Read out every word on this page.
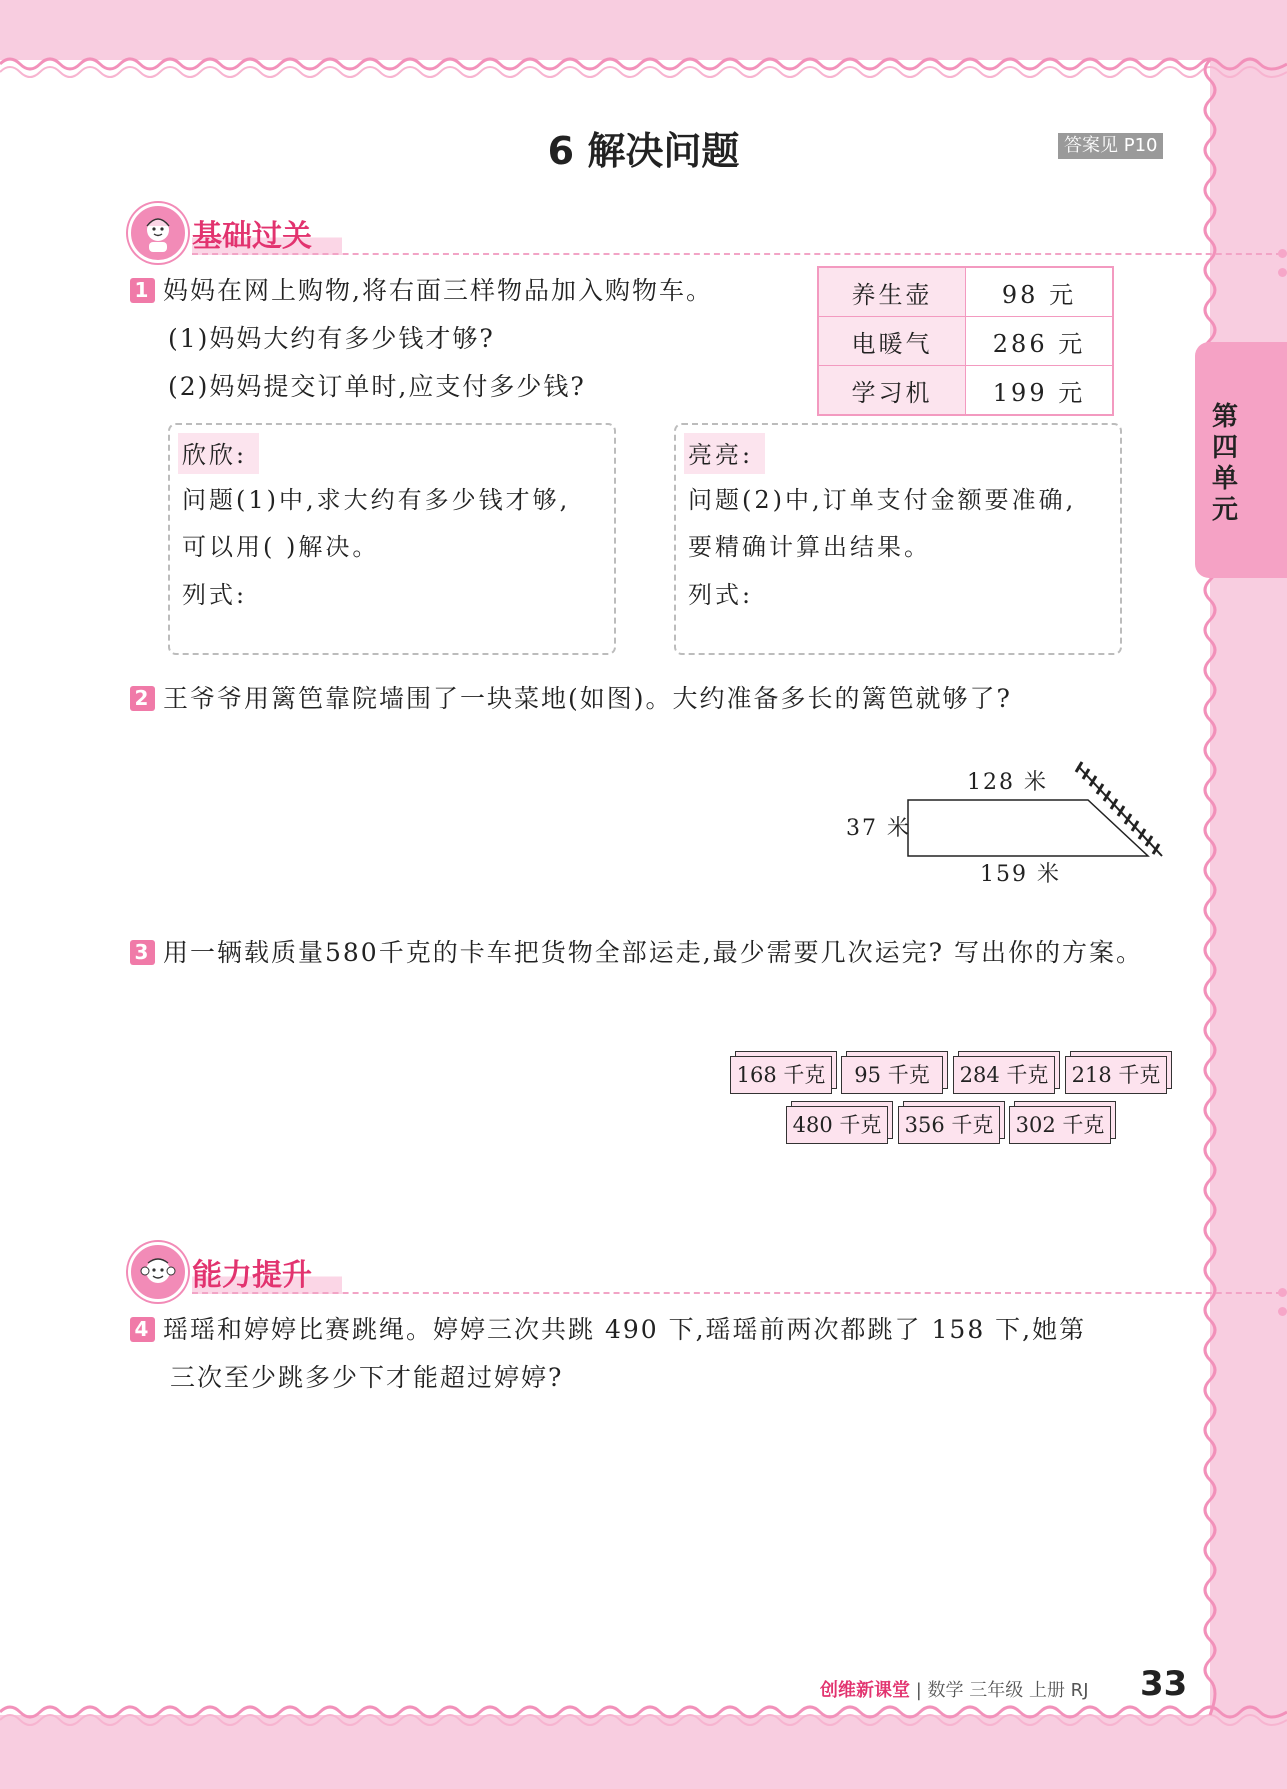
6 解决问题	答案见 P10
第四单元
基础过关
1 妈妈在网上购物,将右面三样物品加入购物车。
(1)妈妈大约有多少钱才够?
(2)妈妈提交订单时,应支付多少钱?
养生壶	98 元
电暖气	286 元
学习机	199 元
欣欣:
问题(1)中,求大约有多少钱才够,
可以用( )解决。
列式:
亮亮:
问题(2)中,订单支付金额要准确,
要精确计算出结果。
列式:
2 王爷爷用篱笆靠院墙围了一块菜地(如图)。大约准备多长的篱笆就够了?
128 米
37 米
159 米
3 用一辆载质量580千克的卡车把货物全部运走,最少需要几次运完? 写出你的方案。
168 千克	95 千克	284 千克	218 千克
480 千克	356 千克	302 千克
能力提升
4 瑶瑶和婷婷比赛跳绳。婷婷三次共跳 490 下,瑶瑶前两次都跳了 158 下,她第
三次至少跳多少下才能超过婷婷?
创维新课堂 | 数学 三年级 上册 RJ 33
